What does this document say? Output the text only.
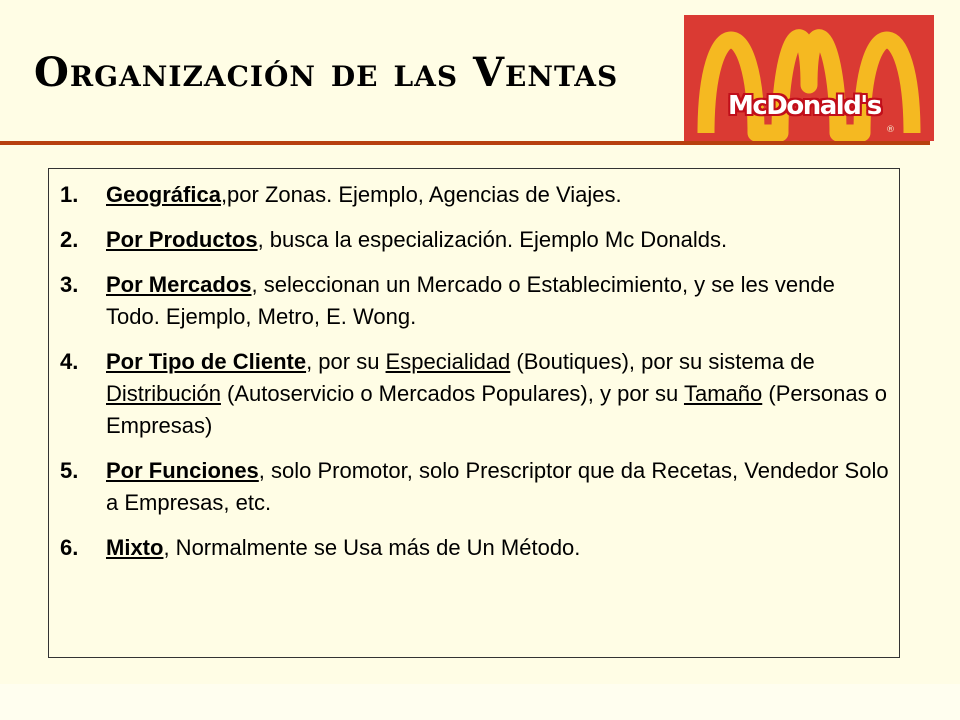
Organización de las Ventas
McDonald's
®
1.	Geográfica,por Zonas. Ejemplo, Agencias de Viajes.
2.	Por Productos, busca la especialización. Ejemplo Mc Donalds.
3.	Por Mercados, seleccionan un Mercado o Establecimiento, y se les vende Todo. Ejemplo, Metro, E. Wong.
4.	Por Tipo de Cliente, por su Especialidad (Boutiques), por su sistema de Distribución (Autoservicio o Mercados Populares), y por su Tamaño (Personas o Empresas)
5.	Por Funciones, solo Promotor, solo Prescriptor que da Recetas, Vendedor Solo a Empresas, etc.
6.	Mixto, Normalmente se Usa más de Un Método.
